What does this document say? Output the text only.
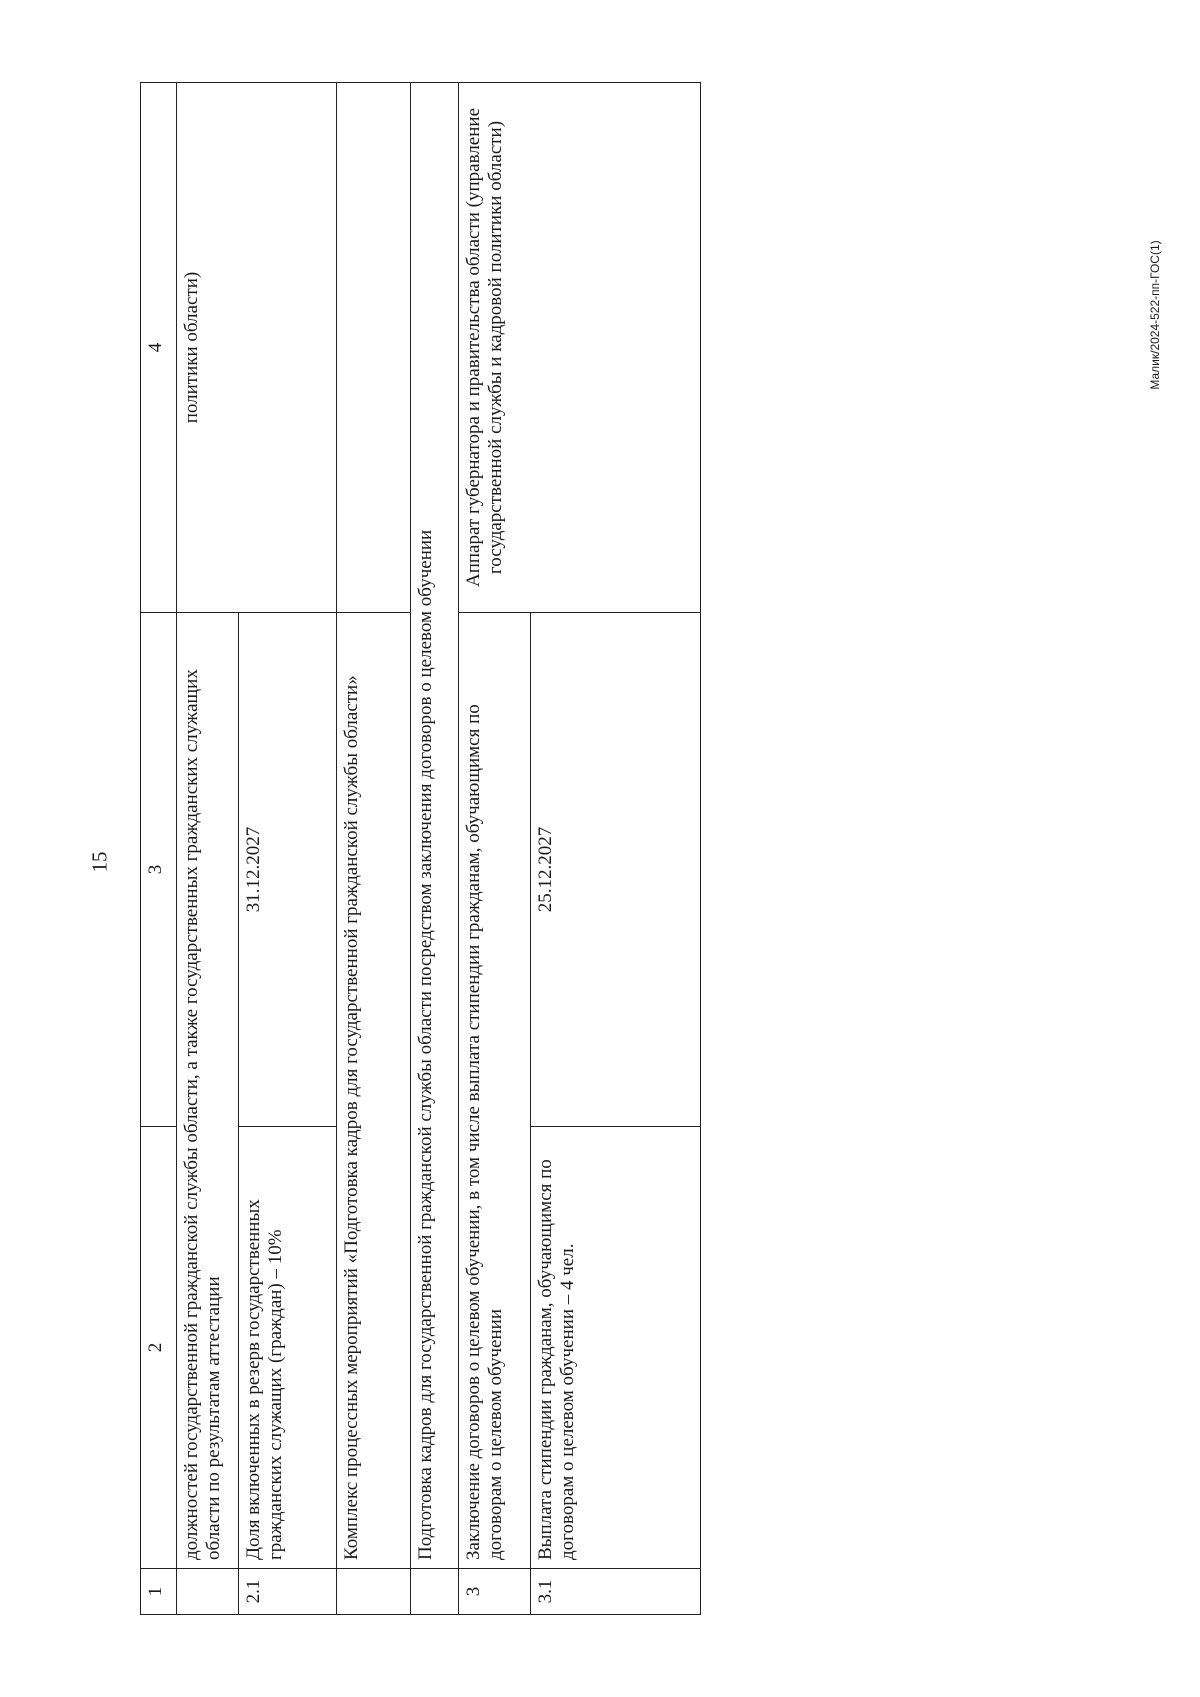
15
Малик/2024-522-пп-ГОС(1)
1	2	3	4
	должностей государственной гражданской службы области, а также государственных гражданских служащих области по результатам аттестации		политики области)
2.1	Доля включенных в резерв государственных гражданских служащих (граждан) – 10%	31.12.2027	
	Комплекс процессных мероприятий «Подготовка кадров для государственной гражданской службы области»		
	Подготовка кадров для государственной гражданской службы области посредством заключения договоров о целевом обучении		
3	Заключение договоров о целевом обучении, в том числе выплата стипендии гражданам, обучающимся по договорам о целевом обучении		Аппарат губернатора и правительства области (управление государственной службы и кадровой политики области)
3.1	Выплата стипендии гражданам, обучающимся по договорам о целевом обучении – 4 чел.	25.12.2027	
